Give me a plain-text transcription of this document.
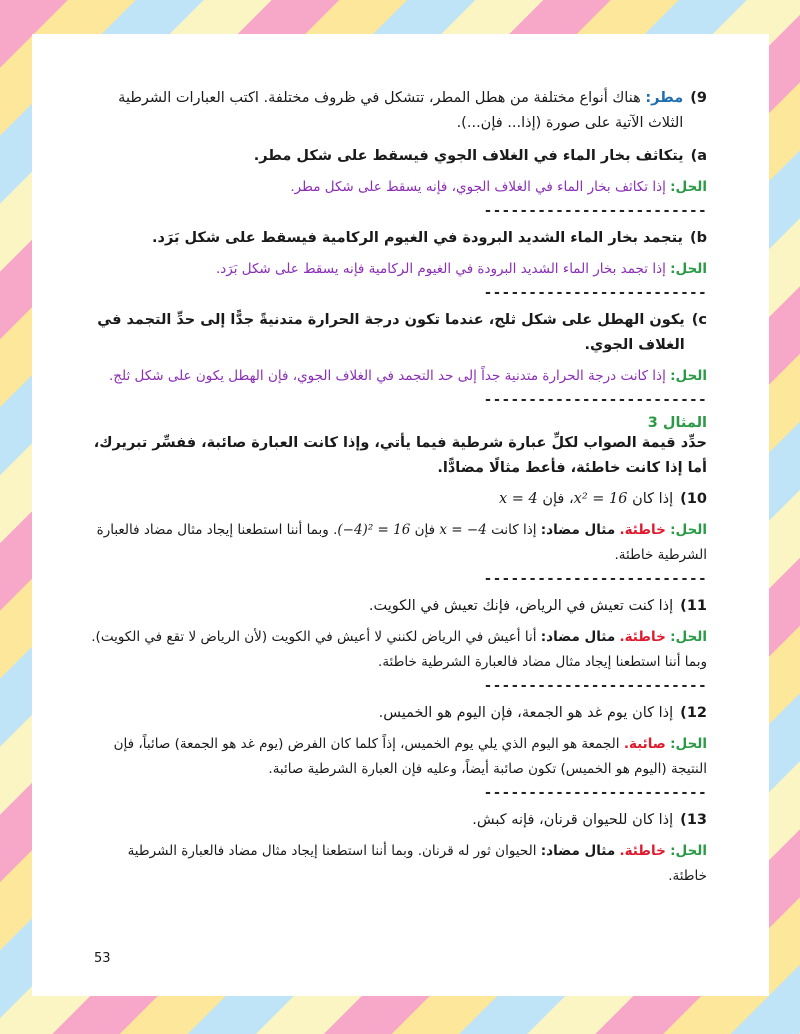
9)
مطر: هناك أنواع مختلفة من هطل المطر، تتشكل في ظروف مختلفة. اكتب العبارات الشرطية الثلاث الآتية على صورة (إذا... فإن...).
a)
يتكاثف بخار الماء في الغلاف الجوي فيسقط على شكل مطر.
الحل: إذا تكاثف بخار الماء في الغلاف الجوي، فإنه يسقط على شكل مطر.
-------------------------
b)
يتجمد بخار الماء الشديد البرودة في الغيوم الركامية فيسقط على شكل بَرَد.
الحل: إذا تجمد بخار الماء الشديد البرودة في الغيوم الركامية فإنه يسقط على شكل بَرَد.
-------------------------
c)
يكون الهطل على شكل ثلج، عندما تكون درجة الحرارة متدنيةً جدًّا إلى حدِّ التجمد في الغلاف الجوي.
الحل: إذا كانت درجة الحرارة متدنية جداً إلى حد التجمد في الغلاف الجوي، فإن الهطل يكون على شكل ثلج.
-------------------------
المثال 3
حدِّد قيمة الصواب لكلِّ عبارة شرطية فيما يأتي، وإذا كانت العبارة صائبة، ففسِّر تبريرك، أما إذا كانت خاطئة، فأعط مثالًا مضادًّا.
10)
إذا كان x² = 16، فإن x = 4
الحل: خاطئة. مثال مضاد: إذا كانت x = −4 فإن (−4)² = 16. وبما أننا استطعنا إيجاد مثال مضاد فالعبارة الشرطية خاطئة.
-------------------------
11)
إذا كنت تعيش في الرياض، فإنك تعيش في الكويت.
الحل: خاطئة. مثال مضاد: أنا أعيش في الرياض لكنني لا أعيش في الكويت (لأن الرياض لا تقع في الكويت).
وبما أننا استطعنا إيجاد مثال مضاد فالعبارة الشرطية خاطئة.
-------------------------
12)
إذا كان يوم غد هو الجمعة، فإن اليوم هو الخميس.
الحل: صائبة. الجمعة هو اليوم الذي يلي يوم الخميس، إذاً كلما كان الفرض (يوم غد هو الجمعة) صائباً، فإن النتيجة (اليوم هو الخميس) تكون صائبة أيضاً، وعليه فإن العبارة الشرطية صائبة.
-------------------------
13)
إذا كان للحيوان قرنان، فإنه كبش.
الحل: خاطئة. مثال مضاد: الحيوان ثور له قرنان. وبما أننا استطعنا إيجاد مثال مضاد فالعبارة الشرطية خاطئة.
53
